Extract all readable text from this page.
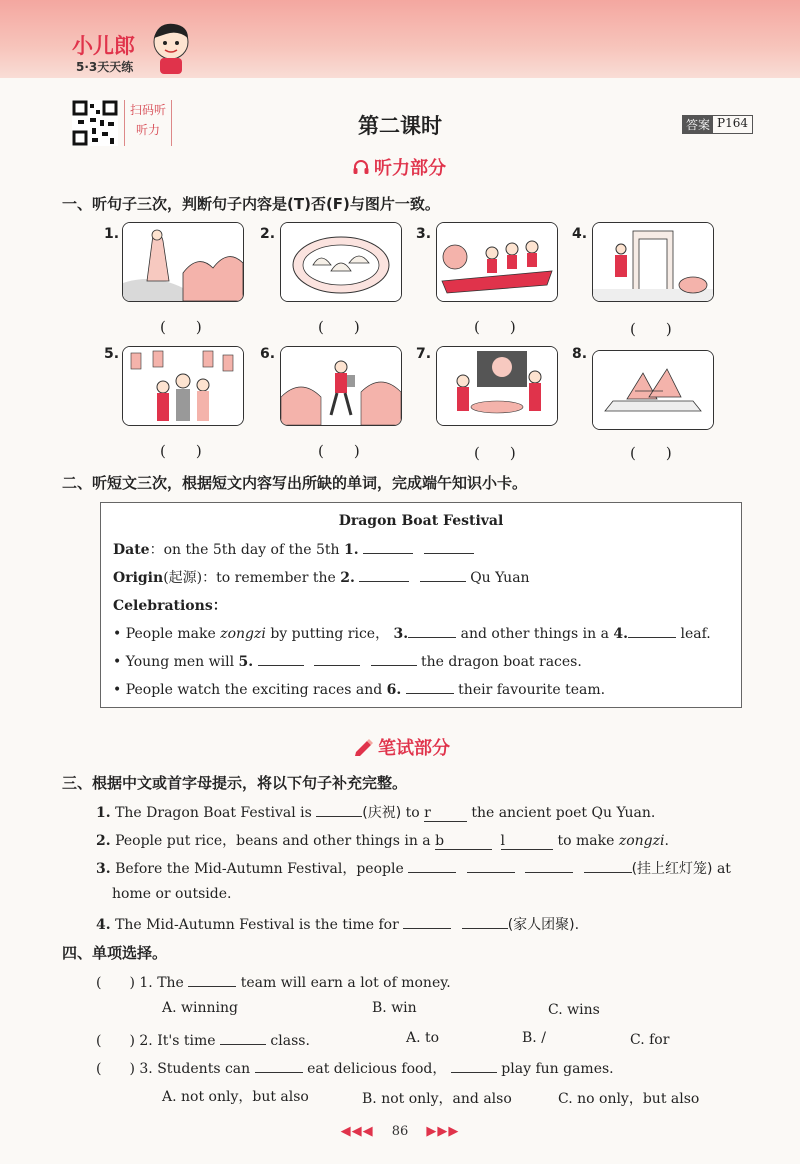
小儿郎
5·3天天练
扫码听听力	第二课时	答案 P164
听力部分
一、听句子三次，判断句子内容是(T)否(F)与图片一致。
1.
(　　)
2.
(　　)
3.
(　　)
4.
(　　)
5.
(　　)
6.
(　　)
7.
(　　)
8.
(　　)
二、听短文三次，根据短文内容写出所缺的单词，完成端午知识小卡。
Dragon Boat Festival
Date：on the 5th day of the 5th 1.
Origin(起源)：to remember the 2.	Qu Yuan
Celebrations：
• People make zongzi by putting rice， 3.	and other things in a 4.	leaf.
• Young men will 5.	the dragon boat races.
• People watch the exciting races and 6.	their favourite team.
笔试部分
三、根据中文或首字母提示，将以下句子补充完整。
1. The Dragon Boat Festival is	(庆祝) to r	the ancient poet Qu Yuan.
2. People put rice，beans and other things in a b	l	to make zongzi.
3. Before the Mid-Autumn Festival，people	(挂上红灯笼) at
home or outside.
4. The Mid-Autumn Festival is the time for	(家人团聚).
四、单项选择。
(　　) 1. The	team will earn a lot of money.
A. winning	B. win	C. wins
(　　) 2. It's time	class.	A. to	B. /	C. for
(　　) 3. Students can	eat delicious food，	play fun games.
A. not only，but also	B. not only，and also	C. no only，but also
◀◀◀ 86 ▶▶▶
